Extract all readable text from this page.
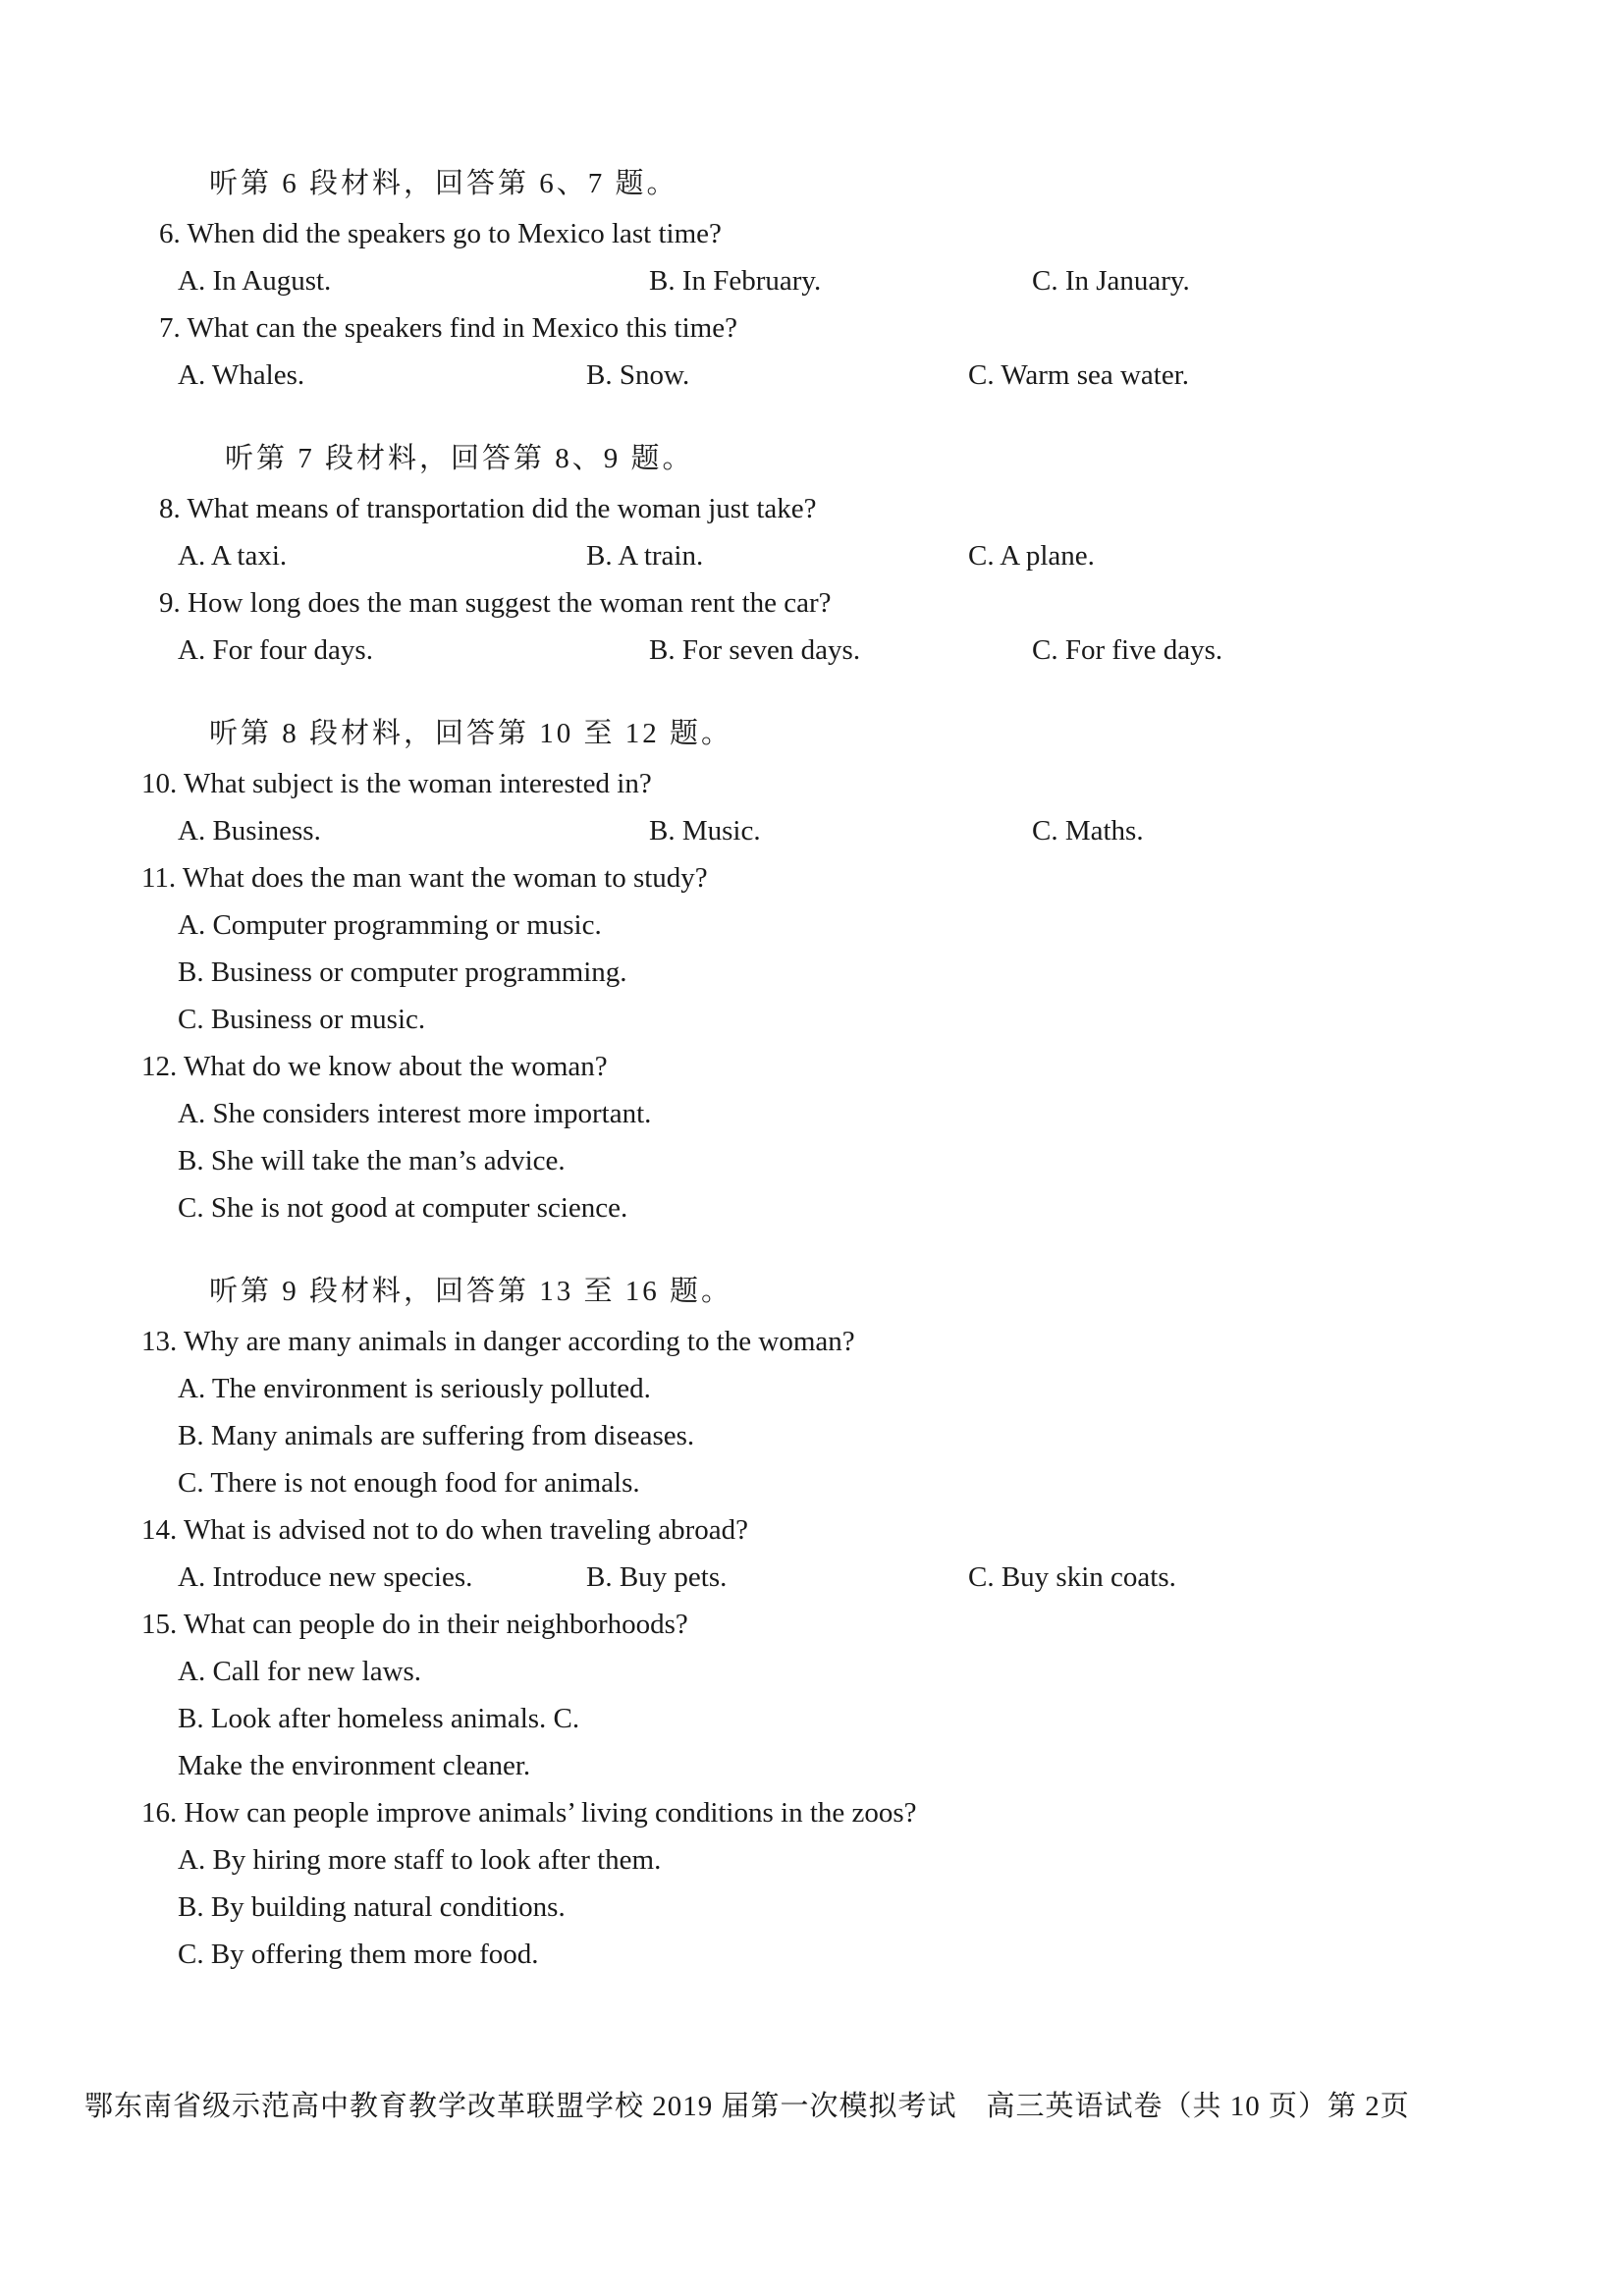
听第 6 段材料，回答第 6、7 题。
6. When did the speakers go to Mexico last time?
A. In August.	B. In February.	C. In January.
7. What can the speakers find in Mexico this time?
A. Whales.	B. Snow.	C. Warm sea water.
听第 7 段材料，回答第 8、9 题。
8. What means of transportation did the woman just take?
A. A taxi.	B. A train.	C. A plane.
9. How long does the man suggest the woman rent the car?
A. For four days.	B. For seven days.	C. For five days.
听第 8 段材料，回答第 10 至 12 题。
10. What subject is the woman interested in?
A. Business.	B. Music.	C. Maths.
11. What does the man want the woman to study?
A. Computer programming or music.
B. Business or computer programming.
C. Business or music.
12. What do we know about the woman?
A. She considers interest more important.
B. She will take the man’s advice.
C. She is not good at computer science.
听第 9 段材料，回答第 13 至 16 题。
13. Why are many animals in danger according to the woman?
A. The environment is seriously polluted.
B. Many animals are suffering from diseases.
C. There is not enough food for animals.
14. What is advised not to do when traveling abroad?
A. Introduce new species.	B. Buy pets.	C. Buy skin coats.
15. What can people do in their neighborhoods?
A. Call for new laws.
B. Look after homeless animals. C.
Make the environment cleaner.
16. How can people improve animals’ living conditions in the zoos?
A. By hiring more staff to look after them.
B. By building natural conditions.
C. By offering them more food.
鄂东南省级示范高中教育教学改革联盟学校 2019 届第一次模拟考试　高三英语试卷（共 10 页）第 2页
